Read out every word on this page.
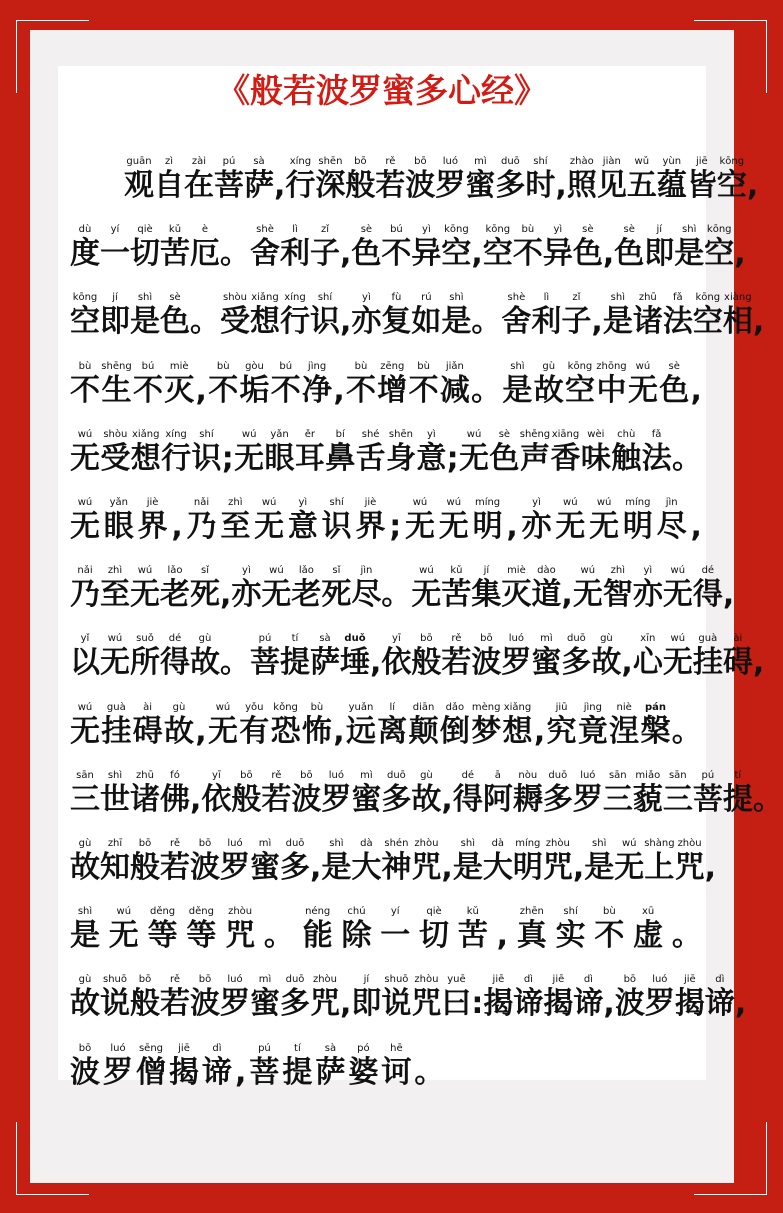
《般若波罗蜜多心经》
guān
观
zì
自
zài
在
pú
菩
sà
萨 ,
xíng
行
shēn
深
bō
般
rě
若
bō
波
luó
罗
mì
蜜
duō
多
shí
时 ,
zhào
照
jiàn
见
wǔ
五
yùn
蕴
jiē
皆
kōng
空 ,
dù
度
yí
一
qiè
切
kǔ
苦
è
厄 。
shè
舍
lì
利
zǐ
子 ,
sè
色
bú
不
yì
异
kōng
空 ,
kōng
空
bù
不
yì
异
sè
色 ,
sè
色
jí
即
shì
是
kōng
空 ,
kōng
空
jí
即
shì
是
sè
色 。
shòu
受
xiǎng
想
xíng
行
shí
识 ,
yì
亦
fù
复
rú
如
shì
是 。
shè
舍
lì
利
zǐ
子 ,
shì
是
zhū
诸
fǎ
法
kōng
空
xiàng
相 ,
bù
不
shēng
生
bú
不
miè
灭 ,
bù
不
gòu
垢
bú
不
jìng
净 ,
bù
不
zēng
增
bù
不
jiǎn
减 。
shì
是
gù
故
kōng
空
zhōng
中
wú
无
sè
色 ,
wú
无
shòu
受
xiǎng
想
xíng
行
shí
识 ;
wú
无
yǎn
眼
ěr
耳
bí
鼻
shé
舌
shēn
身
yì
意 ;
wú
无
sè
色
shēng
声
xiāng
香
wèi
味
chù
触
fǎ
法 。
wú
无
yǎn
眼
jiè
界 ,
nǎi
乃
zhì
至
wú
无
yì
意
shí
识
jiè
界 ;
wú
无
wú
无
míng
明 ,
yì
亦
wú
无
wú
无
míng
明
jìn
尽 ,
nǎi
乃
zhì
至
wú
无
lǎo
老
sǐ
死 ,
yì
亦
wú
无
lǎo
老
sǐ
死
jìn
尽 。
wú
无
kǔ
苦
jí
集
miè
灭
dào
道 ,
wú
无
zhì
智
yì
亦
wú
无
dé
得 ,
yǐ
以
wú
无
suǒ
所
dé
得
gù
故 。
pú
菩
tí
提
sà
萨
duǒ
埵 ,
yī
依
bō
般
rě
若
bō
波
luó
罗
mì
蜜
duō
多
gù
故 ,
xīn
心
wú
无
guà
挂
ài
碍 ,
wú
无
guà
挂
ài
碍
gù
故 ,
wú
无
yǒu
有
kǒng
恐
bù
怖 ,
yuǎn
远
lí
离
diān
颠
dǎo
倒
mèng
梦
xiǎng
想 ,
jiū
究
jìng
竟
niè
涅
pán
槃 。
sān
三
shì
世
zhū
诸
fó
佛 ,
yī
依
bō
般
rě
若
bō
波
luó
罗
mì
蜜
duō
多
gù
故 ,
dé
得
ā
阿
nòu
耨
duō
多
luó
罗
sān
三
miǎo
藐
sān
三
pú
菩
tí
提 。
gù
故
zhī
知
bō
般
rě
若
bō
波
luó
罗
mì
蜜
duō
多 ,
shì
是
dà
大
shén
神
zhòu
咒 ,
shì
是
dà
大
míng
明
zhòu
咒 ,
shì
是
wú
无
shàng
上
zhòu
咒 ,
shì
是
wú
无
děng
等
děng
等
zhòu
咒 。
néng
能
chú
除
yí
一
qiè
切
kǔ
苦 ,
zhēn
真
shí
实
bù
不
xū
虚 。
gù
故
shuō
说
bō
般
rě
若
bō
波
luó
罗
mì
蜜
duō
多
zhòu
咒 ,
jí
即
shuō
说
zhòu
咒
yuē
曰 :
jiē
揭
dì
谛
jiē
揭
dì
谛 ,
bō
波
luó
罗
jiē
揭
dì
谛 ,
bō
波
luó
罗
sēng
僧
jiē
揭
dì
谛 ,
pú
菩
tí
提
sà
萨
pó
婆
hē
诃 。
